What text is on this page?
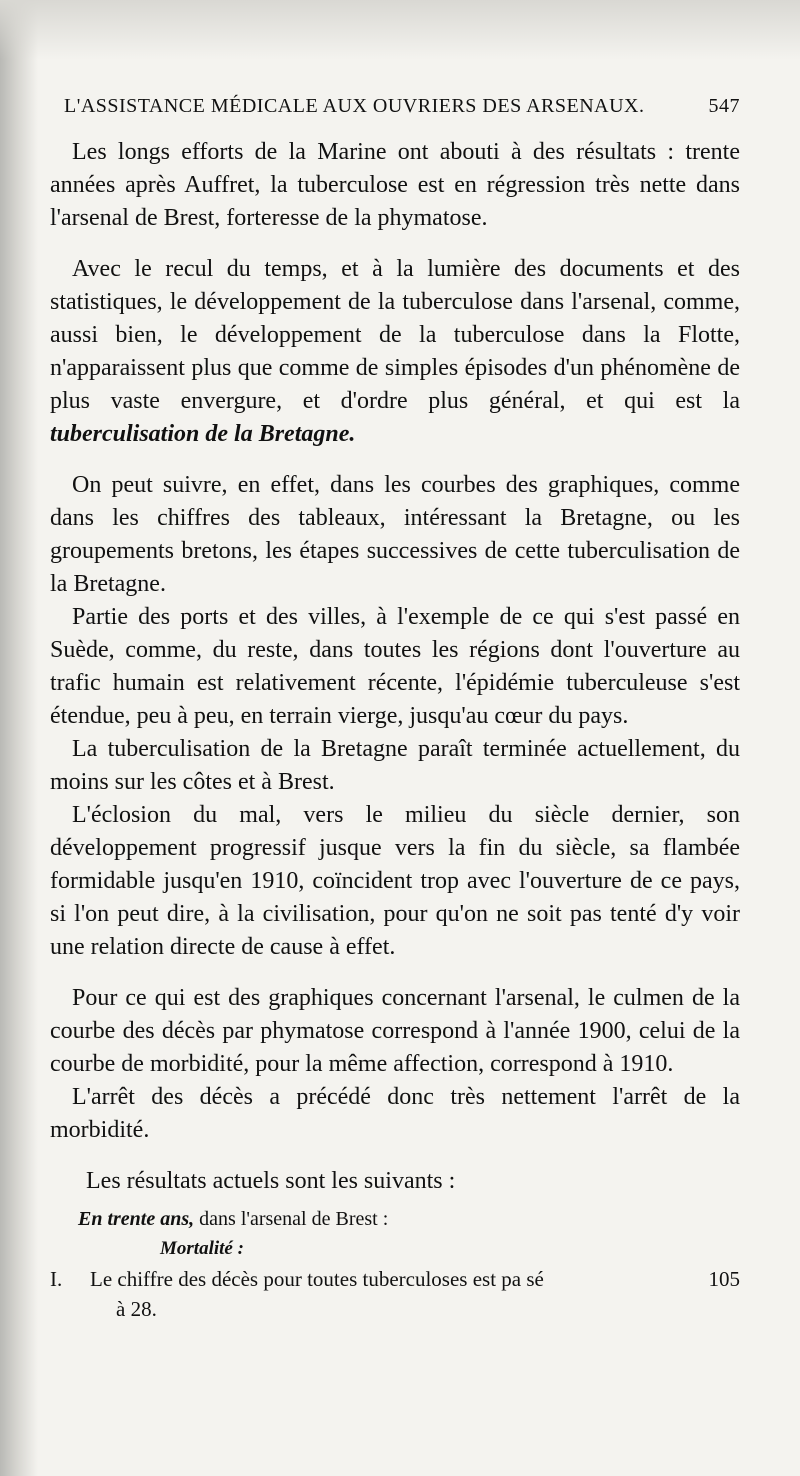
L'ASSISTANCE MÉDICALE AUX OUVRIERS DES ARSENAUX.	547

Les longs efforts de la Marine ont abouti à des résultats : trente années après Auffret, la tuberculose est en régression très nette dans l'arsenal de Brest, forteresse de la phymatose.

Avec le recul du temps, et à la lumière des documents et des statistiques, le développement de la tuberculose dans l'arsenal, comme, aussi bien, le développement de la tuberculose dans la Flotte, n'apparaissent plus que comme de simples épisodes d'un phénomène de plus vaste envergure, et d'ordre plus général, et qui est la tuberculisation de la Bretagne.

On peut suivre, en effet, dans les courbes des graphiques, comme dans les chiffres des tableaux, intéressant la Bretagne, ou les groupements bretons, les étapes successives de cette tuberculisation de la Bretagne.

Partie des ports et des villes, à l'exemple de ce qui s'est passé en Suède, comme, du reste, dans toutes les régions dont l'ouverture au trafic humain est relativement récente, l'épidémie tuberculeuse s'est étendue, peu à peu, en terrain vierge, jusqu'au cœur du pays.

La tuberculisation de la Bretagne paraît terminée actuellement, du moins sur les côtes et à Brest.

L'éclosion du mal, vers le milieu du siècle dernier, son développement progressif jusque vers la fin du siècle, sa flambée formidable jusqu'en 1910, coïncident trop avec l'ouverture de ce pays, si l'on peut dire, à la civilisation, pour qu'on ne soit pas tenté d'y voir une relation directe de cause à effet.

Pour ce qui est des graphiques concernant l'arsenal, le culmen de la courbe des décès par phymatose correspond à l'année 1900, celui de la courbe de morbidité, pour la même affection, correspond à 1910.

L'arrêt des décès a précédé donc très nettement l'arrêt de la morbidité.

Les résultats actuels sont les suivants :
En trente ans, dans l'arsenal de Brest :
Mortalité :
I.	Le chiffre des décès pour toutes tuberculoses est pa sé	105
à 28.
